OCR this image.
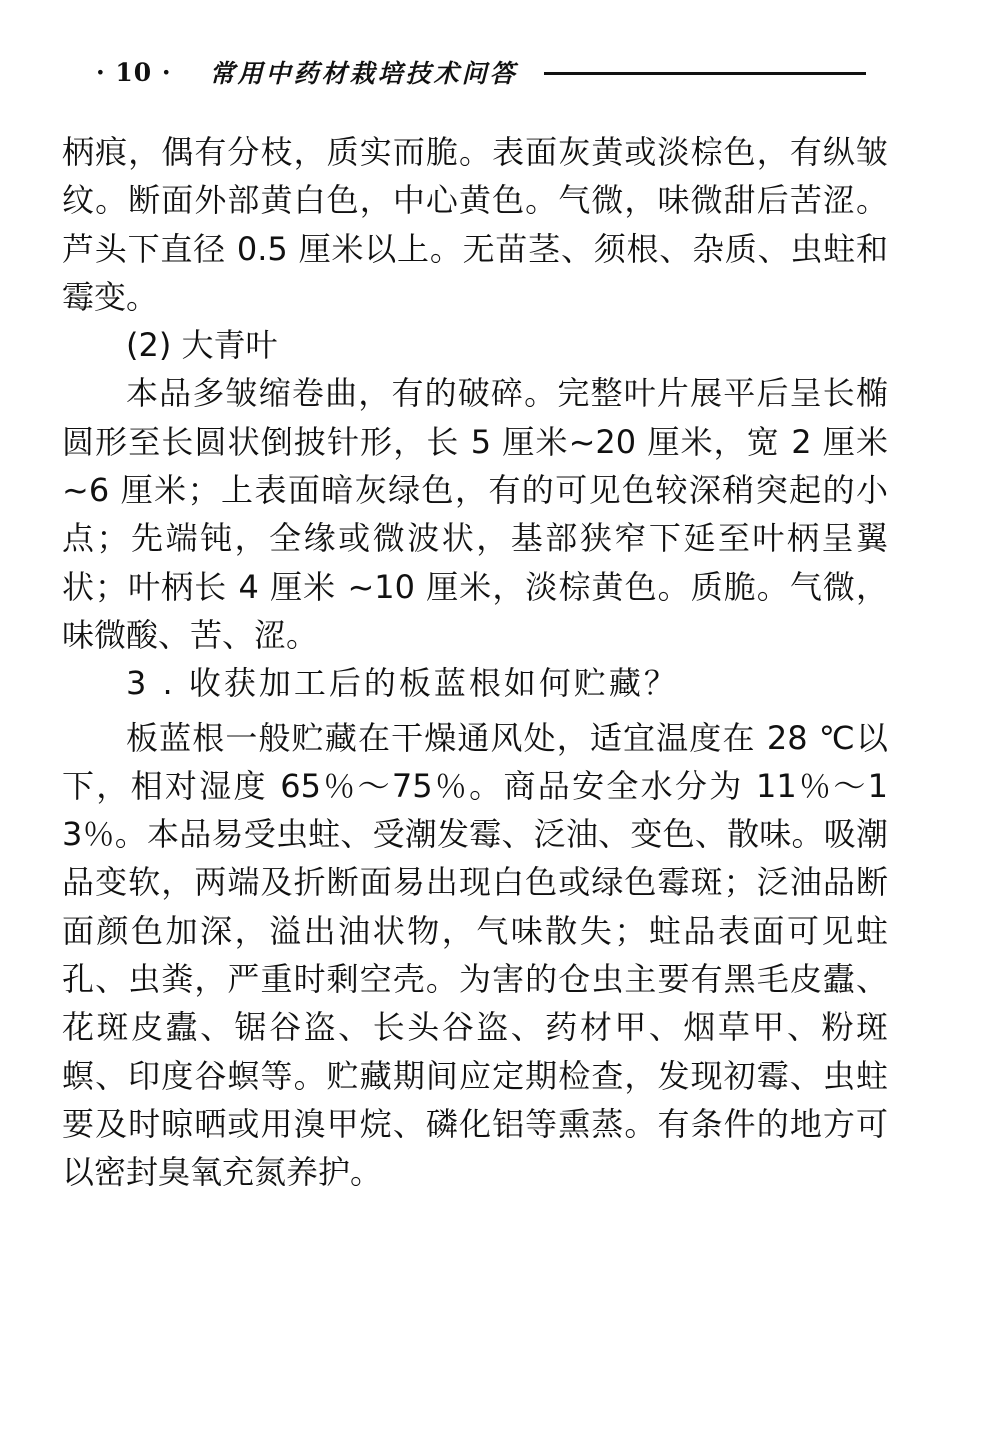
· 10 · 常用中药材栽培技术问答

柄痕，偶有分枝，质实而脆。表面灰黄或淡棕色，有纵皱纹。断面外部黄白色，中心黄色。气微，味微甜后苦涩。芦头下直径 0.5 厘米以上。无苗茎、须根、杂质、虫蛀和霉变。

(2) 大青叶

本品多皱缩卷曲，有的破碎。完整叶片展平后呈长椭圆形至长圆状倒披针形，长 5 厘米~20 厘米，宽 2 厘米 ~6 厘米；上表面暗灰绿色，有的可见色较深稍突起的小点；先端钝，全缘或微波状，基部狭窄下延至叶柄呈翼状；叶柄长 4 厘米 ~10 厘米，淡棕黄色。质脆。气微，味微酸、苦、涩。

3 . 收获加工后的板蓝根如何贮藏？

板蓝根一般贮藏在干燥通风处，适宜温度在 28 ℃以下，相对湿度 65％～75％。商品安全水分为 11％～13％。本品易受虫蛀、受潮发霉、泛油、变色、散味。吸潮品变软，两端及折断面易出现白色或绿色霉斑；泛油品断面颜色加深，溢出油状物，气味散失；蛀品表面可见蛀孔、虫粪，严重时剩空壳。为害的仓虫主要有黑毛皮蠹、花斑皮蠹、锯谷盗、长头谷盗、药材甲、烟草甲、粉斑螟、印度谷螟等。贮藏期间应定期检查，发现初霉、虫蛀要及时晾晒或用溴甲烷、磷化铝等熏蒸。有条件的地方可以密封臭氧充氮养护。
